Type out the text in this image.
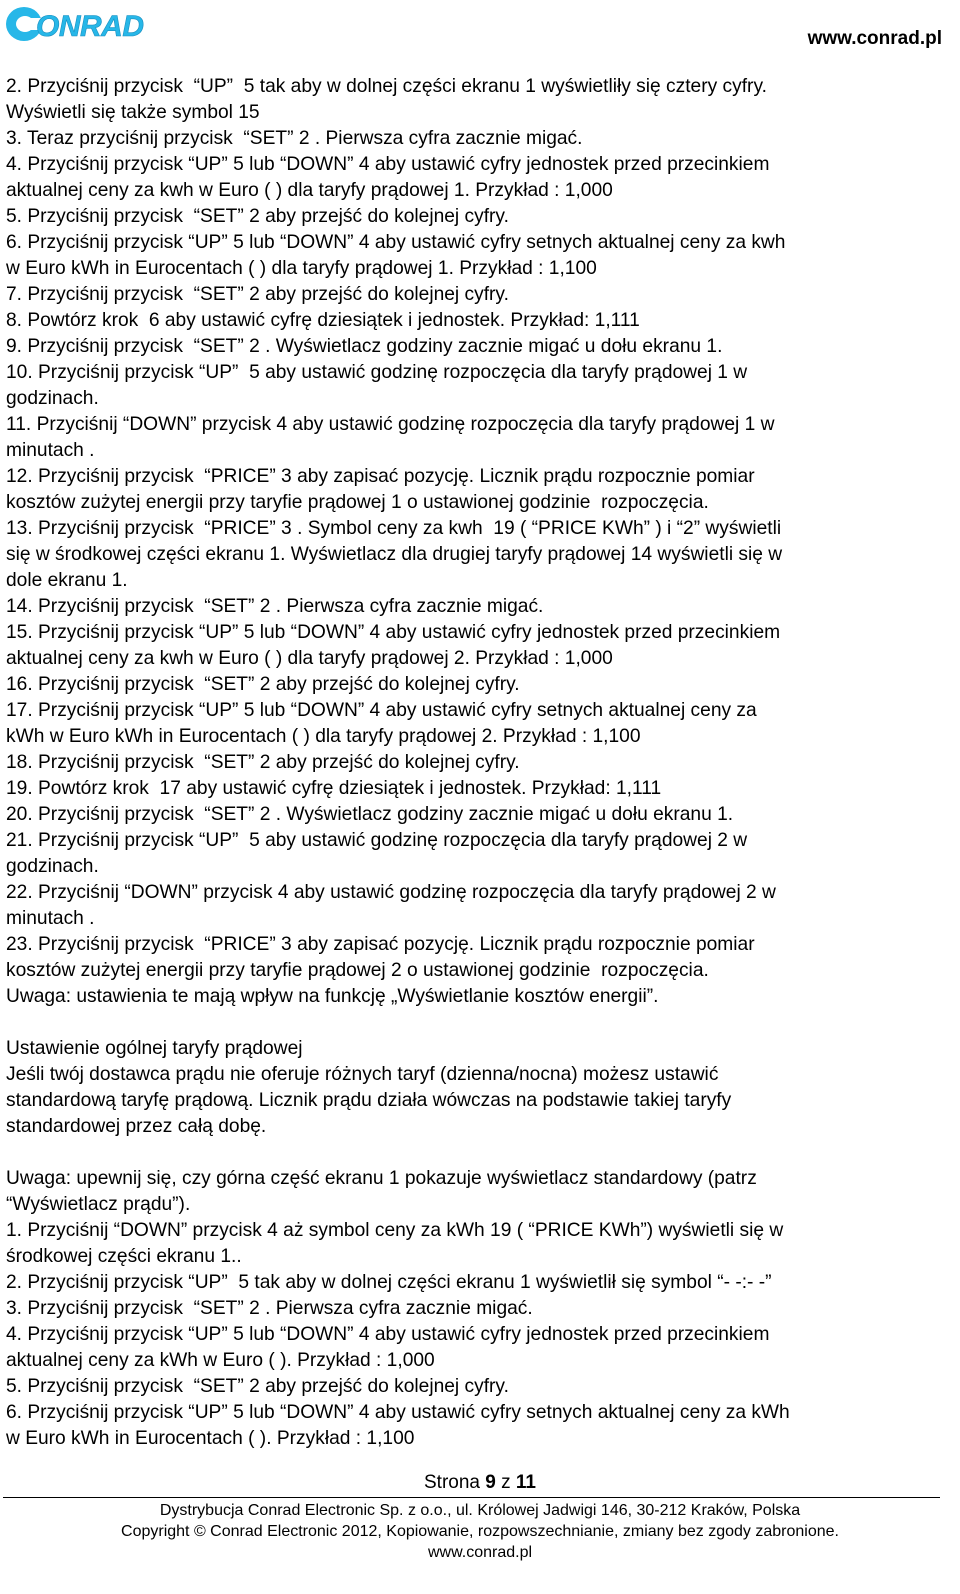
ONRAD	www.conrad.pl
2. Przyciśnij przycisk  “UP”  5 tak aby w dolnej części ekranu 1 wyświetliły się cztery cyfry.
Wyświetli się także symbol 15
3. Teraz przyciśnij przycisk  “SET” 2 . Pierwsza cyfra zacznie migać.
4. Przyciśnij przycisk “UP” 5 lub “DOWN” 4 aby ustawić cyfry jednostek przed przecinkiem
aktualnej ceny za kwh w Euro ( ) dla taryfy prądowej 1. Przykład : 1,000
5. Przyciśnij przycisk  “SET” 2 aby przejść do kolejnej cyfry.
6. Przyciśnij przycisk “UP” 5 lub “DOWN” 4 aby ustawić cyfry setnych aktualnej ceny za kwh
w Euro kWh in Eurocentach ( ) dla taryfy prądowej 1. Przykład : 1,100
7. Przyciśnij przycisk  “SET” 2 aby przejść do kolejnej cyfry.
8. Powtórz krok  6 aby ustawić cyfrę dziesiątek i jednostek. Przykład: 1,111
9. Przyciśnij przycisk  “SET” 2 . Wyświetlacz godziny zacznie migać u dołu ekranu 1.
10. Przyciśnij przycisk “UP”  5 aby ustawić godzinę rozpoczęcia dla taryfy prądowej 1 w
godzinach.
11. Przyciśnij “DOWN” przycisk 4 aby ustawić godzinę rozpoczęcia dla taryfy prądowej 1 w
minutach .
12. Przyciśnij przycisk  “PRICE” 3 aby zapisać pozycję. Licznik prądu rozpocznie pomiar
kosztów zużytej energii przy taryfie prądowej 1 o ustawionej godzinie  rozpoczęcia.
13. Przyciśnij przycisk  “PRICE” 3 . Symbol ceny za kwh  19 ( “PRICE KWh” ) i “2” wyświetli
się w środkowej części ekranu 1. Wyświetlacz dla drugiej taryfy prądowej 14 wyświetli się w
dole ekranu 1.
14. Przyciśnij przycisk  “SET” 2 . Pierwsza cyfra zacznie migać.
15. Przyciśnij przycisk “UP” 5 lub “DOWN” 4 aby ustawić cyfry jednostek przed przecinkiem
aktualnej ceny za kwh w Euro ( ) dla taryfy prądowej 2. Przykład : 1,000
16. Przyciśnij przycisk  “SET” 2 aby przejść do kolejnej cyfry.
17. Przyciśnij przycisk “UP” 5 lub “DOWN” 4 aby ustawić cyfry setnych aktualnej ceny za
kWh w Euro kWh in Eurocentach ( ) dla taryfy prądowej 2. Przykład : 1,100
18. Przyciśnij przycisk  “SET” 2 aby przejść do kolejnej cyfry.
19. Powtórz krok  17 aby ustawić cyfrę dziesiątek i jednostek. Przykład: 1,111
20. Przyciśnij przycisk  “SET” 2 . Wyświetlacz godziny zacznie migać u dołu ekranu 1.
21. Przyciśnij przycisk “UP”  5 aby ustawić godzinę rozpoczęcia dla taryfy prądowej 2 w
godzinach.
22. Przyciśnij “DOWN” przycisk 4 aby ustawić godzinę rozpoczęcia dla taryfy prądowej 2 w
minutach .
23. Przyciśnij przycisk  “PRICE” 3 aby zapisać pozycję. Licznik prądu rozpocznie pomiar
kosztów zużytej energii przy taryfie prądowej 2 o ustawionej godzinie  rozpoczęcia.
Uwaga: ustawienia te mają wpływ na funkcję „Wyświetlanie kosztów energii”.
Ustawienie ogólnej taryfy prądowej
Jeśli twój dostawca prądu nie oferuje różnych taryf (dzienna/nocna) możesz ustawić
standardową taryfę prądową. Licznik prądu działa wówczas na podstawie takiej taryfy
standardowej przez całą dobę.
Uwaga: upewnij się, czy górna część ekranu 1 pokazuje wyświetlacz standardowy (patrz
“Wyświetlacz prądu”).
1. Przyciśnij “DOWN” przycisk 4 aż symbol ceny za kWh 19 ( “PRICE KWh”) wyświetli się w
środkowej części ekranu 1..
2. Przyciśnij przycisk “UP”  5 tak aby w dolnej części ekranu 1 wyświetlił się symbol “- -:- -”
3. Przyciśnij przycisk  “SET” 2 . Pierwsza cyfra zacznie migać.
4. Przyciśnij przycisk “UP” 5 lub “DOWN” 4 aby ustawić cyfry jednostek przed przecinkiem
aktualnej ceny za kWh w Euro ( ). Przykład : 1,000
5. Przyciśnij przycisk  “SET” 2 aby przejść do kolejnej cyfry.
6. Przyciśnij przycisk “UP” 5 lub “DOWN” 4 aby ustawić cyfry setnych aktualnej ceny za kWh
w Euro kWh in Eurocentach ( ). Przykład : 1,100
Strona 9 z 11
Dystrybucja Conrad Electronic Sp. z o.o., ul. Królowej Jadwigi 146, 30-212 Kraków, Polska
Copyright © Conrad Electronic 2012, Kopiowanie, rozpowszechnianie, zmiany bez zgody zabronione.
www.conrad.pl
